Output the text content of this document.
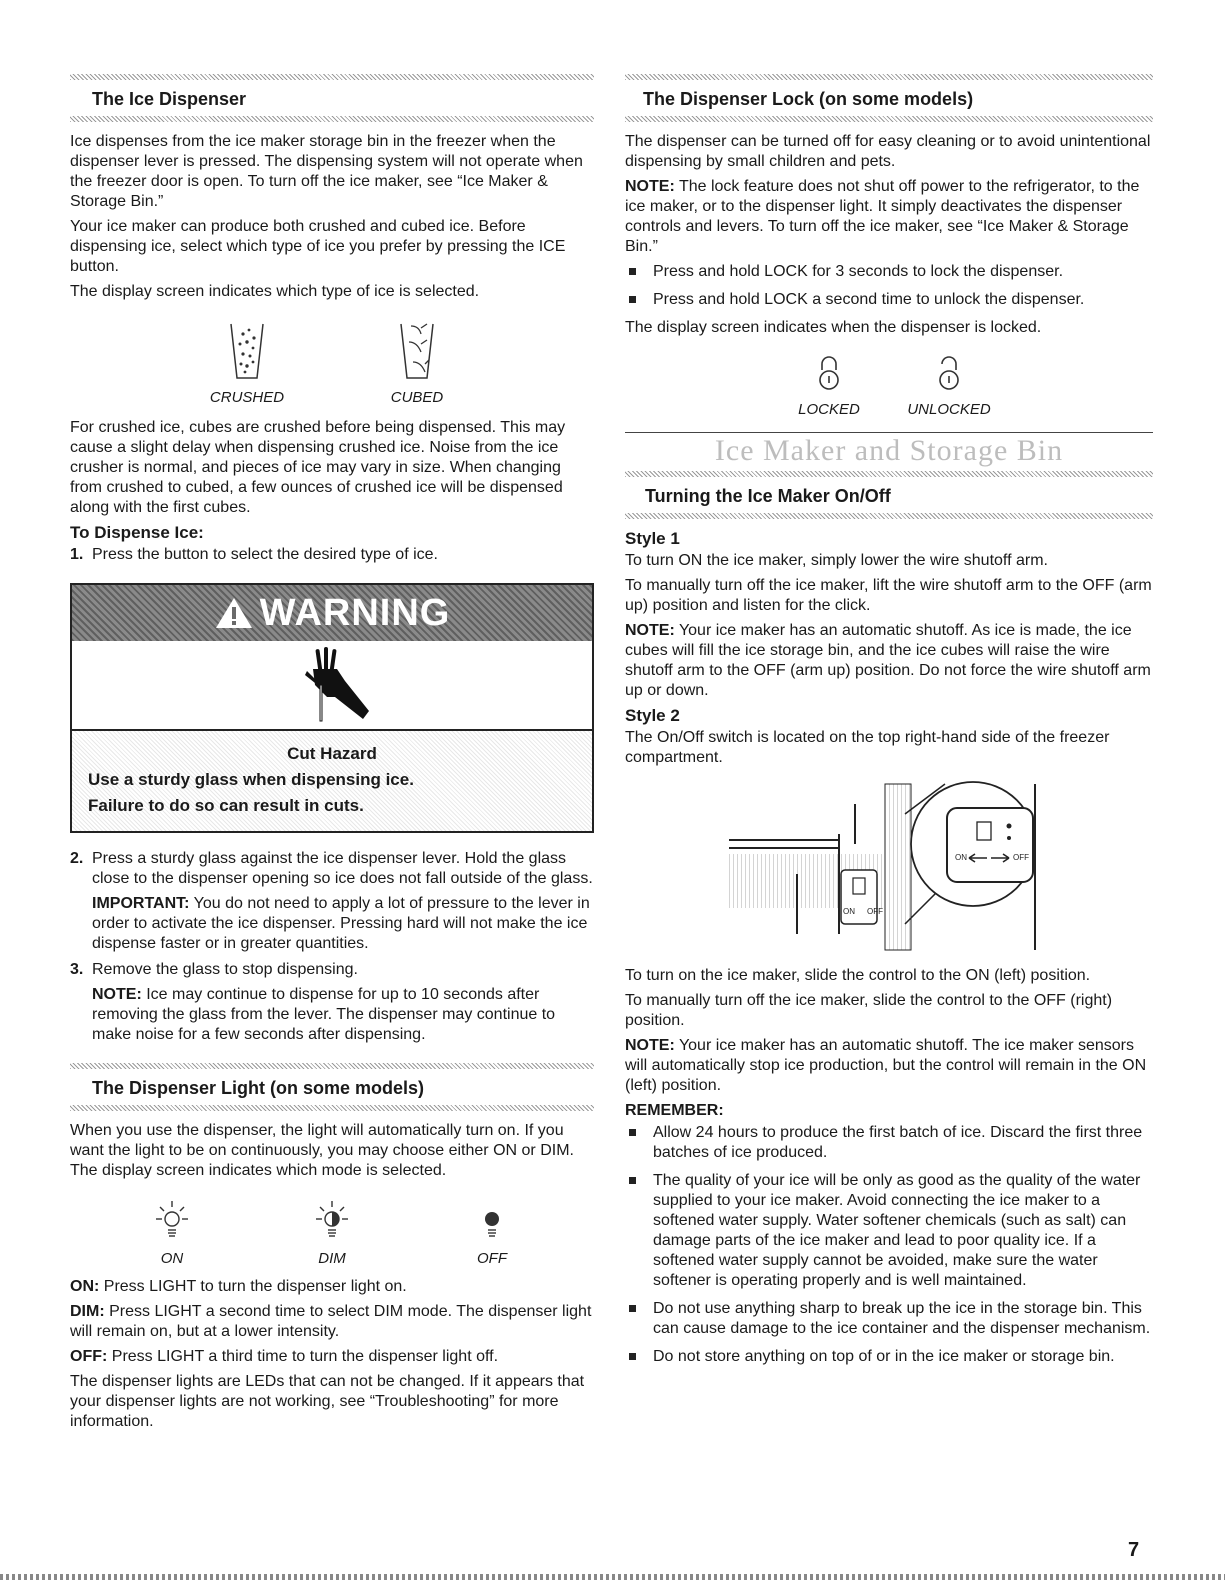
The Ice Dispenser

Ice dispenses from the ice maker storage bin in the freezer when the dispenser lever is pressed. The dispensing system will not operate when the freezer door is open. To turn off the ice maker, see “Ice Maker & Storage Bin.”

Your ice maker can produce both crushed and cubed ice. Before dispensing ice, select which type of ice you prefer by pressing the ICE button.

The display screen indicates which type of ice is selected.

CRUSHED	CUBED

For crushed ice, cubes are crushed before being dispensed. This may cause a slight delay when dispensing crushed ice. Noise from the ice crusher is normal, and pieces of ice may vary in size. When changing from crushed to cubed, a few ounces of crushed ice will be dispensed along with the first cubes.

To Dispense Ice:
1. Press the button to select the desired type of ice.
WARNING
Cut Hazard
Use a sturdy glass when dispensing ice.
Failure to do so can result in cuts.
2. Press a sturdy glass against the ice dispenser lever. Hold the glass close to the dispenser opening so ice does not fall outside of the glass.

IMPORTANT: You do not need to apply a lot of pressure to the lever in order to activate the ice dispenser. Pressing hard will not make the ice dispense faster or in greater quantities.

3. Remove the glass to stop dispensing.

NOTE: Ice may continue to dispense for up to 10 seconds after removing the glass from the lever. The dispenser may continue to make noise for a few seconds after dispensing.

The Dispenser Light (on some models)

When you use the dispenser, the light will automatically turn on. If you want the light to be on continuously, you may choose either ON or DIM. The display screen indicates which mode is selected.

ON	DIM	OFF

ON: Press LIGHT to turn the dispenser light on.

DIM: Press LIGHT a second time to select DIM mode. The dispenser light will remain on, but at a lower intensity.

OFF: Press LIGHT a third time to turn the dispenser light off.

The dispenser lights are LEDs that can not be changed. If it appears that your dispenser lights are not working, see “Troubleshooting” for more information.

The Dispenser Lock (on some models)

The dispenser can be turned off for easy cleaning or to avoid unintentional dispensing by small children and pets.

NOTE: The lock feature does not shut off power to the refrigerator, to the ice maker, or to the dispenser light. It simply deactivates the dispenser controls and levers. To turn off the ice maker, see “Ice Maker & Storage Bin.”

Press and hold LOCK for 3 seconds to lock the dispenser.
Press and hold LOCK a second time to unlock the dispenser.

The display screen indicates when the dispenser is locked.

LOCKED	UNLOCKED
Ice Maker and Storage Bin
Turning the Ice Maker On/Off
Style 1

To turn ON the ice maker, simply lower the wire shutoff arm.

To manually turn off the ice maker, lift the wire shutoff arm to the OFF (arm up) position and listen for the click.

NOTE: Your ice maker has an automatic shutoff. As ice is made, the ice cubes will fill the ice storage bin, and the ice cubes will raise the wire shutoff arm to the OFF (arm up) position. Do not force the wire shutoff arm up or down.

Style 2

The On/Off switch is located on the top right-hand side of the freezer compartment.

ON OFF
ON	OFF

To turn on the ice maker, slide the control to the ON (left) position.

To manually turn off the ice maker, slide the control to the OFF (right) position.

NOTE: Your ice maker has an automatic shutoff. The ice maker sensors will automatically stop ice production, but the control will remain in the ON (left) position.

REMEMBER:
Allow 24 hours to produce the first batch of ice. Discard the first three batches of ice produced.
The quality of your ice will be only as good as the quality of the water supplied to your ice maker. Avoid connecting the ice maker to a softened water supply. Water softener chemicals (such as salt) can damage parts of the ice maker and lead to poor quality ice. If a softened water supply cannot be avoided, make sure the water softener is operating properly and is well maintained.
Do not use anything sharp to break up the ice in the storage bin. This can cause damage to the ice container and the dispenser mechanism.
Do not store anything on top of or in the ice maker or storage bin.
7
